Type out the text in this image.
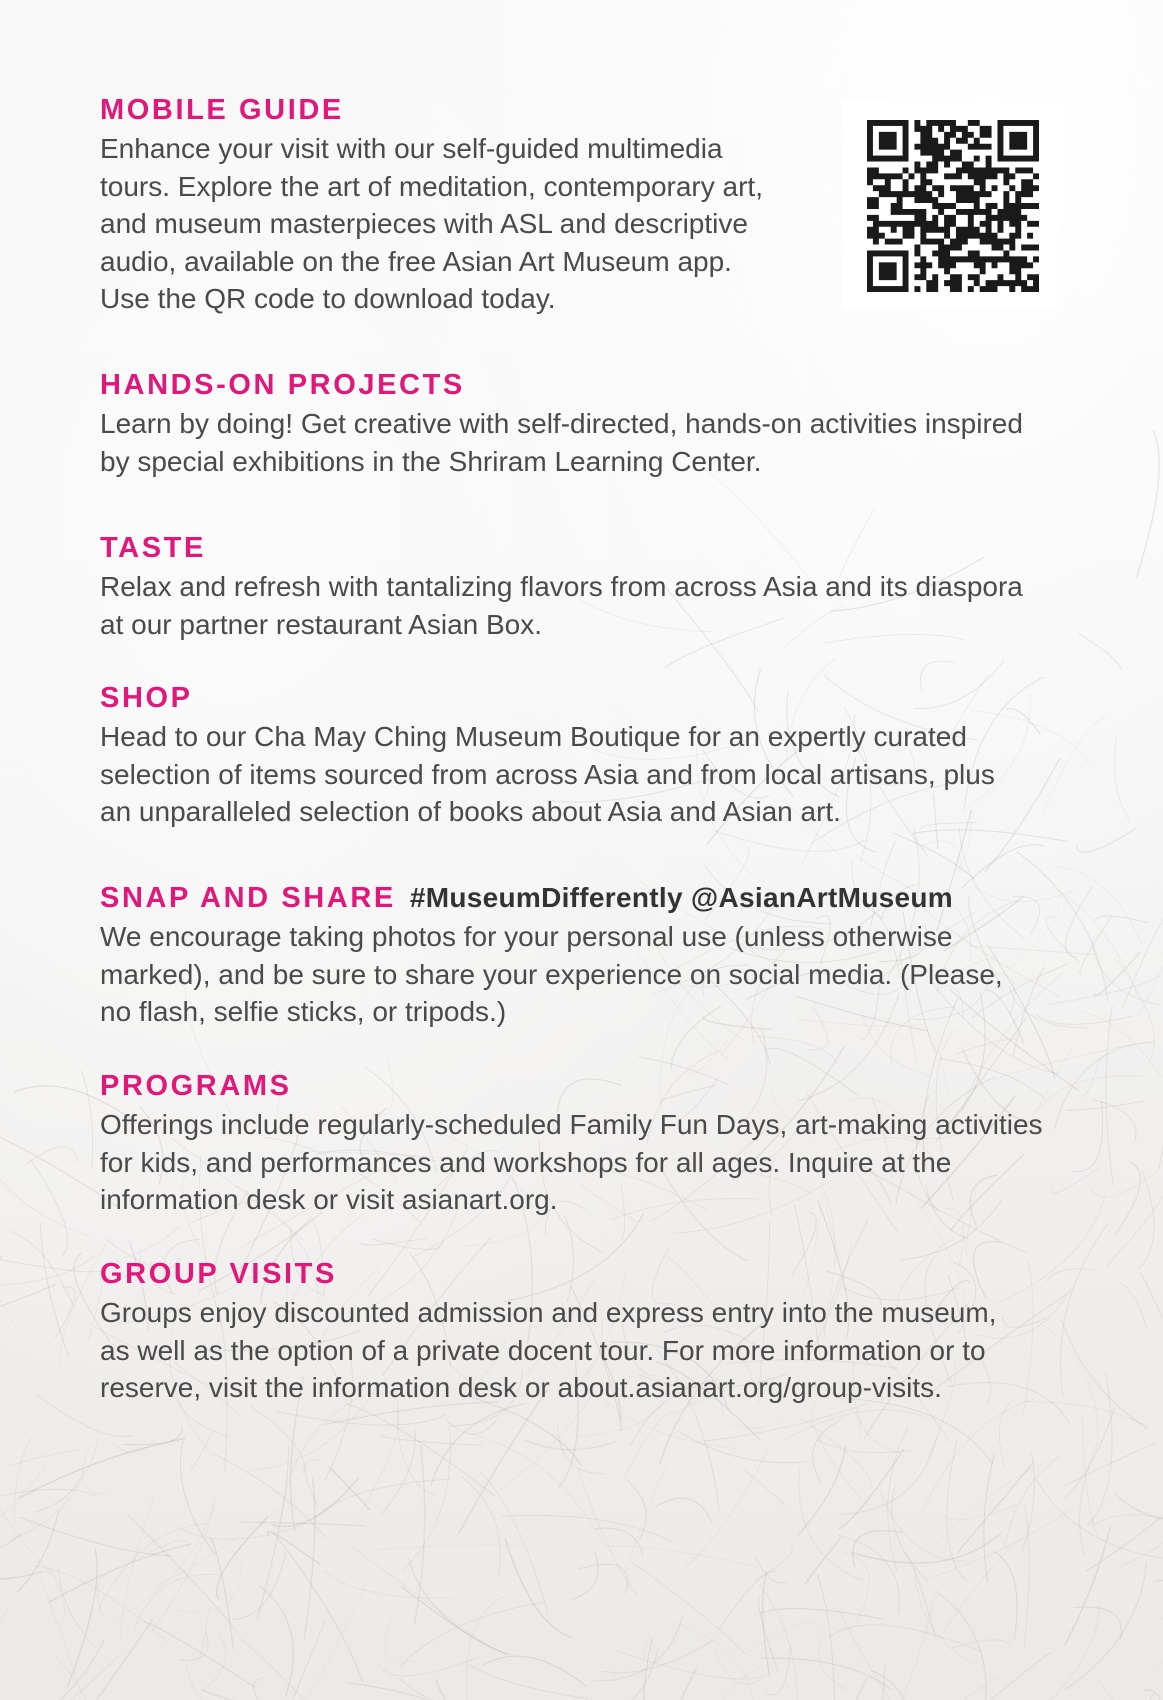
MOBILE GUIDE
Enhance your visit with our self-guided multimedia
tours. Explore the art of meditation, contemporary art,
and museum masterpieces with ASL and descriptive
audio, available on the free Asian Art Museum app.
Use the QR code to download today.
HANDS-ON PROJECTS
Learn by doing! Get creative with self-directed, hands-on activities inspired
by special exhibitions in the Shriram Learning Center.
TASTE
Relax and refresh with tantalizing flavors from across Asia and its diaspora
at our partner restaurant Asian Box.
SHOP
Head to our Cha May Ching Museum Boutique for an expertly curated
selection of items sourced from across Asia and from local artisans, plus
an unparalleled selection of books about Asia and Asian art.
SNAP AND SHARE #MuseumDifferently @AsianArtMuseum
We encourage taking photos for your personal use (unless otherwise
marked), and be sure to share your experience on social media. (Please,
no flash, selfie sticks, or tripods.)
PROGRAMS
Offerings include regularly-scheduled Family Fun Days, art-making activities
for kids, and performances and workshops for all ages. Inquire at the
information desk or visit asianart.org.
GROUP VISITS
Groups enjoy discounted admission and express entry into the museum,
as well as the option of a private docent tour. For more information or to
reserve, visit the information desk or about.asianart.org/group-visits.
